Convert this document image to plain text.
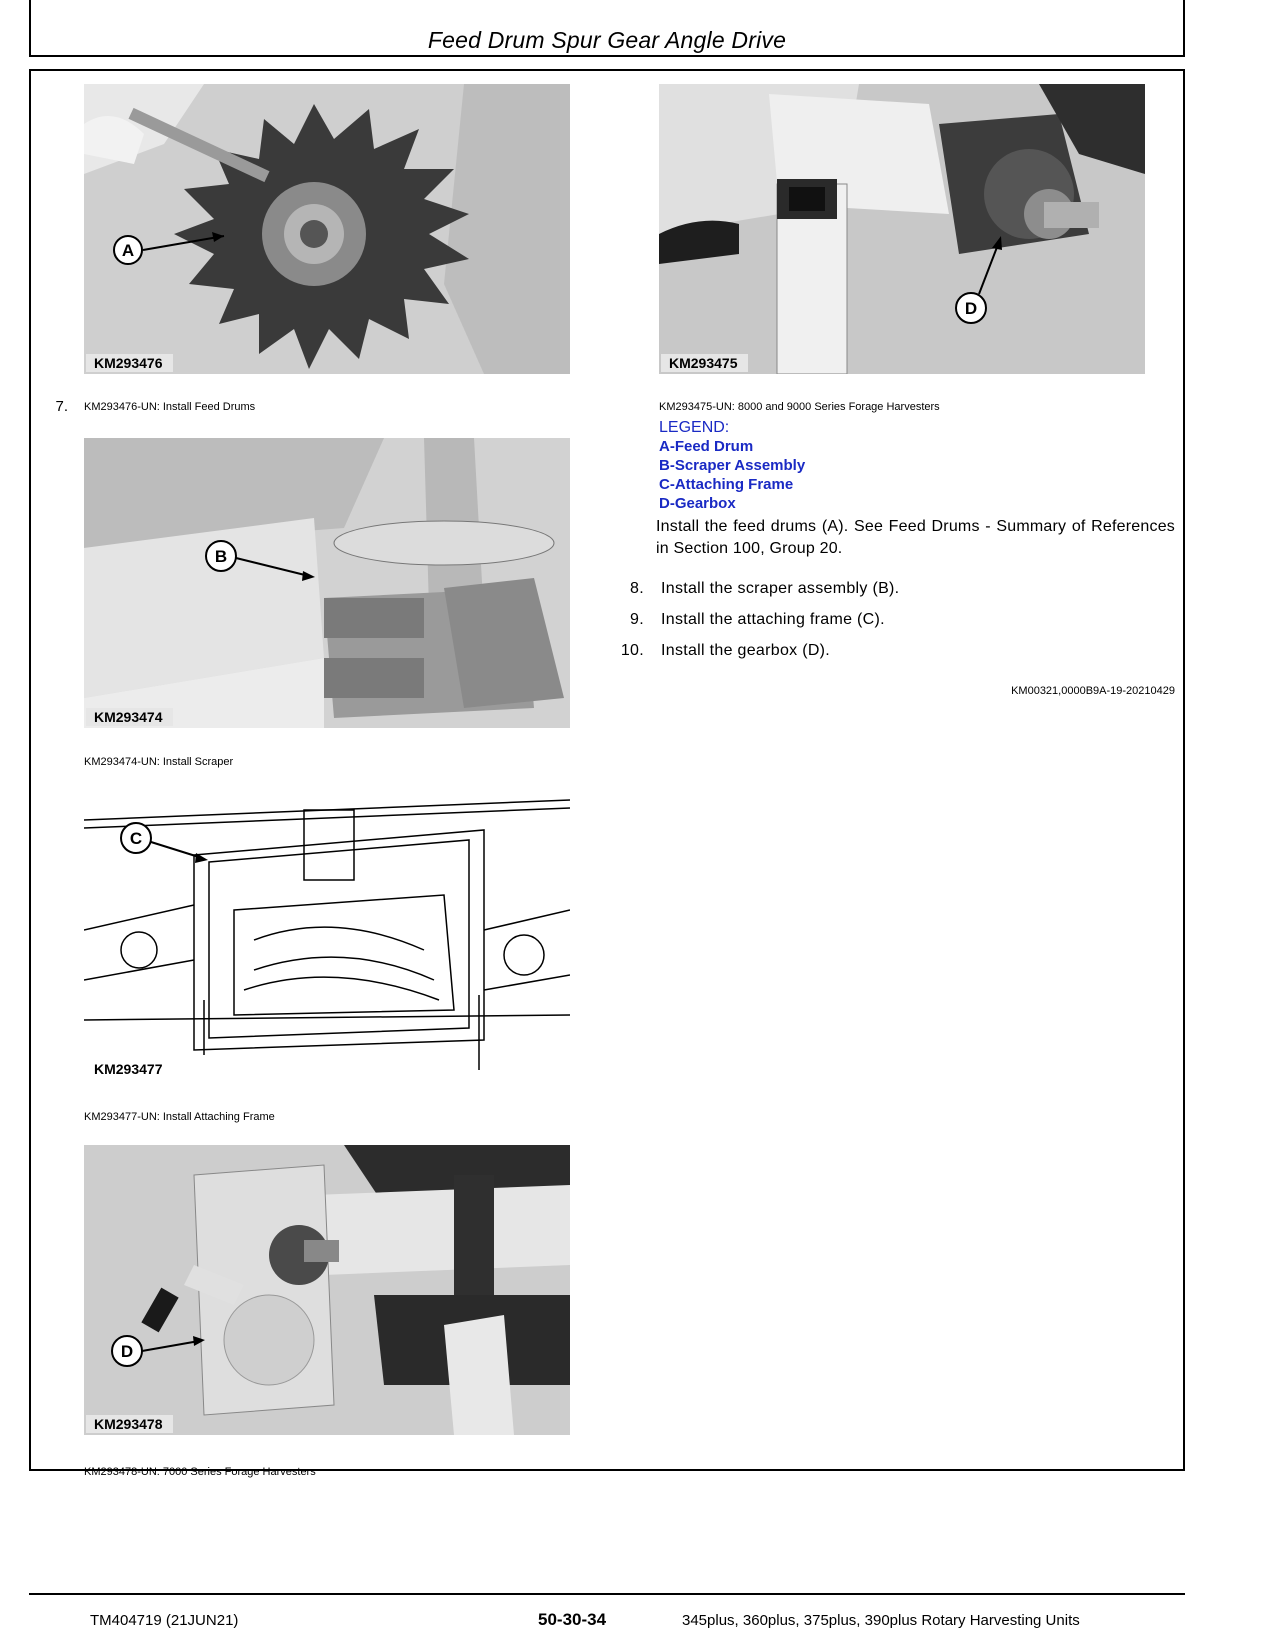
Feed Drum Spur Gear Angle Drive
A
KM293476
KM293476-UN: Install Feed Drums
7.
D
KM293475
KM293475-UN: 8000 and 9000 Series Forage Harvesters
LEGEND:
A-Feed Drum
B-Scraper Assembly
C-Attaching Frame
D-Gearbox
Install the feed drums (A). See Feed Drums - Summary of References in Section 100, Group 20.
8. Install the scraper assembly (B).
9. Install the attaching frame (C).
10. Install the gearbox (D).
KM00321,0000B9A-19-20210429
B
KM293474
KM293474-UN: Install Scraper
C
KM293477
KM293477-UN: Install Attaching Frame
D
KM293478
KM293478-UN: 7000 Series Forage Harvesters
TM404719 (21JUN21)	50-30-34	345plus, 360plus, 375plus, 390plus Rotary Harvesting Units
